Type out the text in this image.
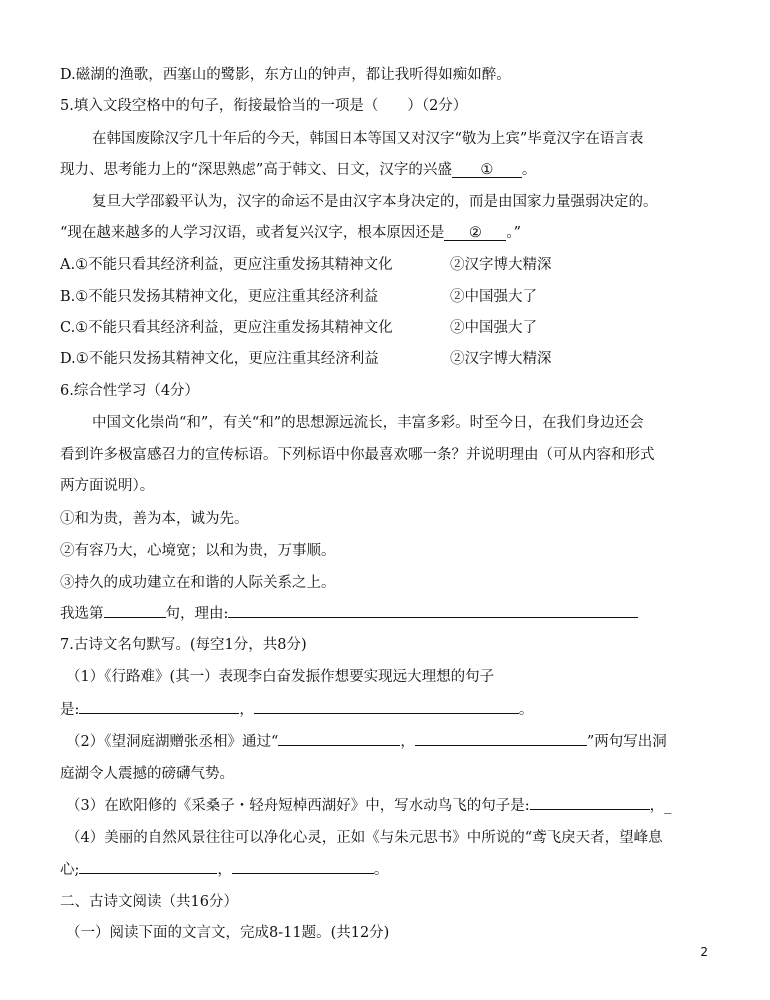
D.磁湖的渔歌，西塞山的鹭影，东方山的钟声，都让我听得如痴如醉。
5.填入文段空格中的句子，衔接最恰当的一项是（　　）（2分）
在韩国废除汉字几十年后的今天，韩国日本等国又对汉字“敬为上宾”毕竟汉字在语言表
现力、思考能力上的“深思熟虑”高于韩文、日文，汉字的兴盛 ① 。
复旦大学邵毅平认为，汉字的命运不是由汉字本身决定的，而是由国家力量强弱决定的。
“现在越来越多的人学习汉语，或者复兴汉字，根本原因还是 ② 。”
A.①不能只看其经济利益，更应注重发扬其精神文化	②汉字博大精深
B.①不能只发扬其精神文化，更应注重其经济利益	②中国强大了
C.①不能只看其经济利益，更应注重发扬其精神文化	②中国强大了
D.①不能只发扬其精神文化，更应注重其经济利益	②汉字博大精深
6.综合性学习（4分）
中国文化崇尚“和”，有关“和”的思想源远流长，丰富多彩。时至今日，在我们身边还会
看到许多极富感召力的宣传标语。下列标语中你最喜欢哪一条？并说明理由（可从内容和形式
两方面说明）。
①和为贵，善为本，诚为先。
②有容乃大，心境宽；以和为贵，万事顺。
③持久的成功建立在和谐的人际关系之上。
我选第	句，理由:
7.古诗文名句默写。(每空1分，共8分)
（1）《行路难》(其一）表现李白奋发振作想要实现远大理想的句子
是:	，	。
（2）《望洞庭湖赠张丞相》通过“	，	”两句写出洞
庭湖令人震撼的磅礴气势。
（3）在欧阳修的《采桑子・轻舟短棹西湖好》中，写水动鸟飞的句子是:	，_
（4）美丽的自然风景往往可以净化心灵，正如《与朱元思书》中所说的“鸢飞戾天者，望峰息
心;	，	。
二、古诗文阅读（共16分）
（一）阅读下面的文言文，完成8-11题。(共12分)
2
